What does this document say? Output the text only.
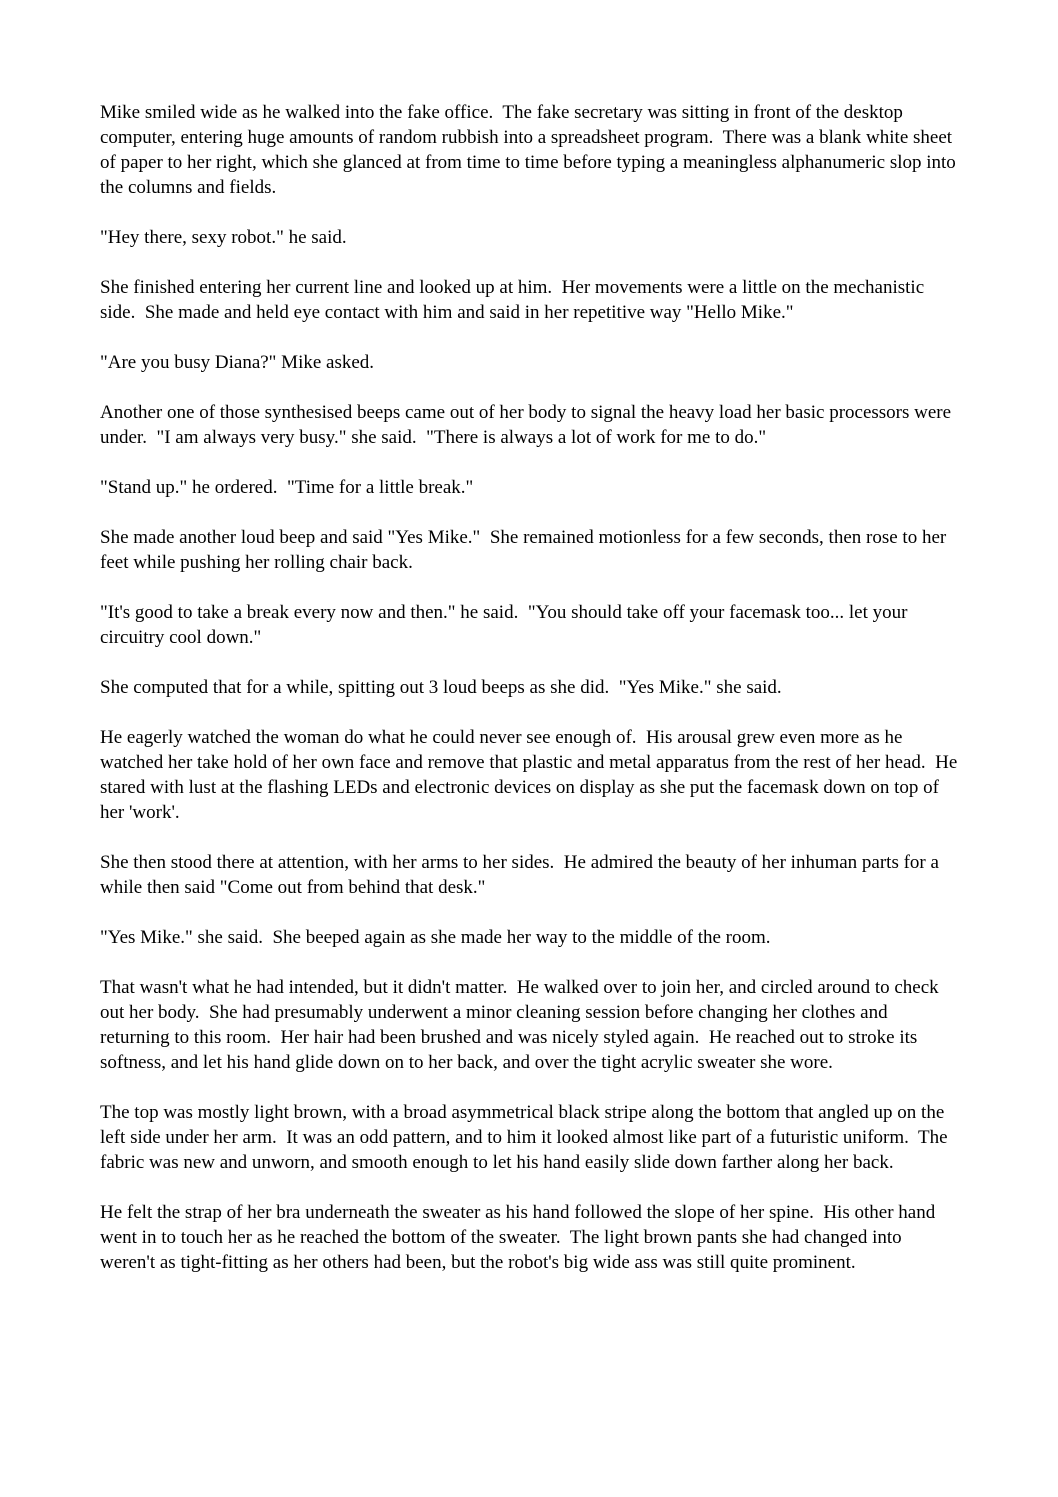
Mike smiled wide as he walked into the fake office.  The fake secretary was sitting in front of the desktop computer, entering huge amounts of random rubbish into a spreadsheet program.  There was a blank white sheet of paper to her right, which she glanced at from time to time before typing a meaningless alphanumeric slop into the columns and fields.

"Hey there, sexy robot." he said.

She finished entering her current line and looked up at him.  Her movements were a little on the mechanistic side.  She made and held eye contact with him and said in her repetitive way "Hello Mike."

"Are you busy Diana?" Mike asked.

Another one of those synthesised beeps came out of her body to signal the heavy load her basic processors were under.  "I am always very busy." she said.  "There is always a lot of work for me to do."

"Stand up." he ordered.  "Time for a little break."

She made another loud beep and said "Yes Mike."  She remained motionless for a few seconds, then rose to her feet while pushing her rolling chair back.

"It's good to take a break every now and then." he said.  "You should take off your facemask too... let your circuitry cool down."

She computed that for a while, spitting out 3 loud beeps as she did.  "Yes Mike." she said.

He eagerly watched the woman do what he could never see enough of.  His arousal grew even more as he watched her take hold of her own face and remove that plastic and metal apparatus from the rest of her head.  He stared with lust at the flashing LEDs and electronic devices on display as she put the facemask down on top of her 'work'.

She then stood there at attention, with her arms to her sides.  He admired the beauty of her inhuman parts for a while then said "Come out from behind that desk."

"Yes Mike." she said.  She beeped again as she made her way to the middle of the room.

That wasn't what he had intended, but it didn't matter.  He walked over to join her, and circled around to check out her body.  She had presumably underwent a minor cleaning session before changing her clothes and returning to this room.  Her hair had been brushed and was nicely styled again.  He reached out to stroke its softness, and let his hand glide down on to her back, and over the tight acrylic sweater she wore.

The top was mostly light brown, with a broad asymmetrical black stripe along the bottom that angled up on the left side under her arm.  It was an odd pattern, and to him it looked almost like part of a futuristic uniform.  The fabric was new and unworn, and smooth enough to let his hand easily slide down farther along her back.

He felt the strap of her bra underneath the sweater as his hand followed the slope of her spine.  His other hand went in to touch her as he reached the bottom of the sweater.  The light brown pants she had changed into weren't as tight-fitting as her others had been, but the robot's big wide ass was still quite prominent.
